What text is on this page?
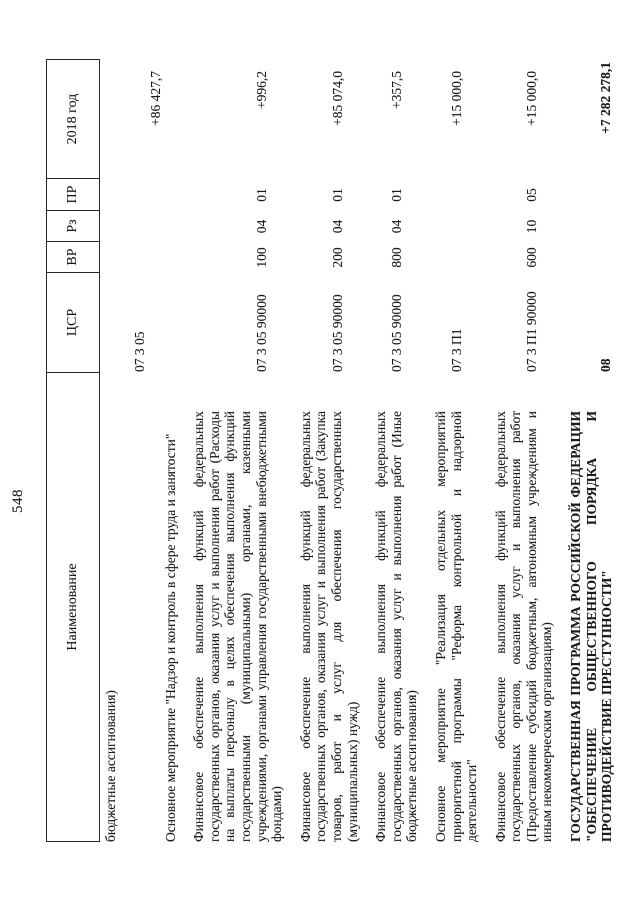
548
Наименование
ЦСР
ВР
Рз
ПР
2018 год
бюджетные ассигнования)	Основное мероприятие "Надзор и контроль в сфере труда и занятости"
07 3 05
+86 427,7
Финансовое обеспечение выполнения функций федеральных государственных органов, оказания услуг и выполнения работ (Расходы на выплаты персоналу в целях обеспечения выполнения функций государственными (муниципальными) органами, казенными учреждениями, органами управления государственными внебюджетными фондами)
07 3 05 90000
100
04
01
+996,2
Финансовое обеспечение выполнения функций федеральных государственных органов, оказания услуг и выполнения работ (Закупка товаров, работ и услуг для обеспечения государственных (муниципальных) нужд)
07 3 05 90000
200
04
01
+85 074,0
Финансовое обеспечение выполнения функций федеральных государственных органов, оказания услуг и выполнения работ (Иные бюджетные ассигнования)
07 3 05 90000
800
04
01
+357,5
Основное мероприятие "Реализация отдельных мероприятий приоритетной программы "Реформа контрольной и надзорной деятельности"
07 3 П1
+15 000,0
Финансовое обеспечение выполнения функций федеральных государственных органов, оказания услуг и выполнения работ (Предоставление субсидий бюджетным, автономным учреждениям и иным некоммерческим организациям)
07 3 П1 90000
600
10
05
+15 000,0
ГОСУДАРСТВЕННАЯ ПРОГРАММА РОССИЙСКОЙ ФЕДЕРАЦИИ "ОБЕСПЕЧЕНИЕ ОБЩЕСТВЕННОГО ПОРЯДКА И ПРОТИВОДЕЙСТВИЕ ПРЕСТУПНОСТИ"
08
+7 282 278,1
